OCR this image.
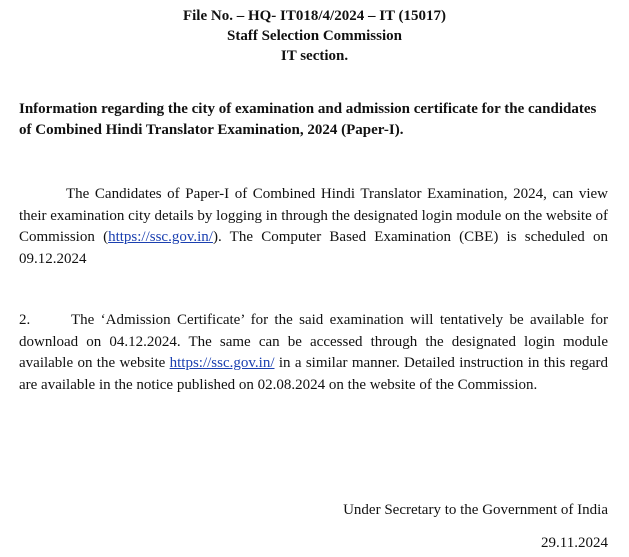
File No. – HQ- IT018/4/2024 – IT (15017)
Staff Selection Commission
IT section.
Information regarding the city of examination and admission certificate for the candidates of Combined Hindi Translator Examination, 2024 (Paper-I).
The Candidates of Paper-I of Combined Hindi Translator Examination, 2024, can view their examination city details by logging in through the designated login module on the website of Commission (https://ssc.gov.in/). The Computer Based Examination (CBE) is scheduled on 09.12.2024
2.	The ‘Admission Certificate’ for the said examination will tentatively be available for download on 04.12.2024. The same can be accessed through the designated login module available on the website https://ssc.gov.in/ in a similar manner. Detailed instruction in this regard are available in the notice published on 02.08.2024 on the website of the Commission.
Under Secretary to the Government of India
29.11.2024
